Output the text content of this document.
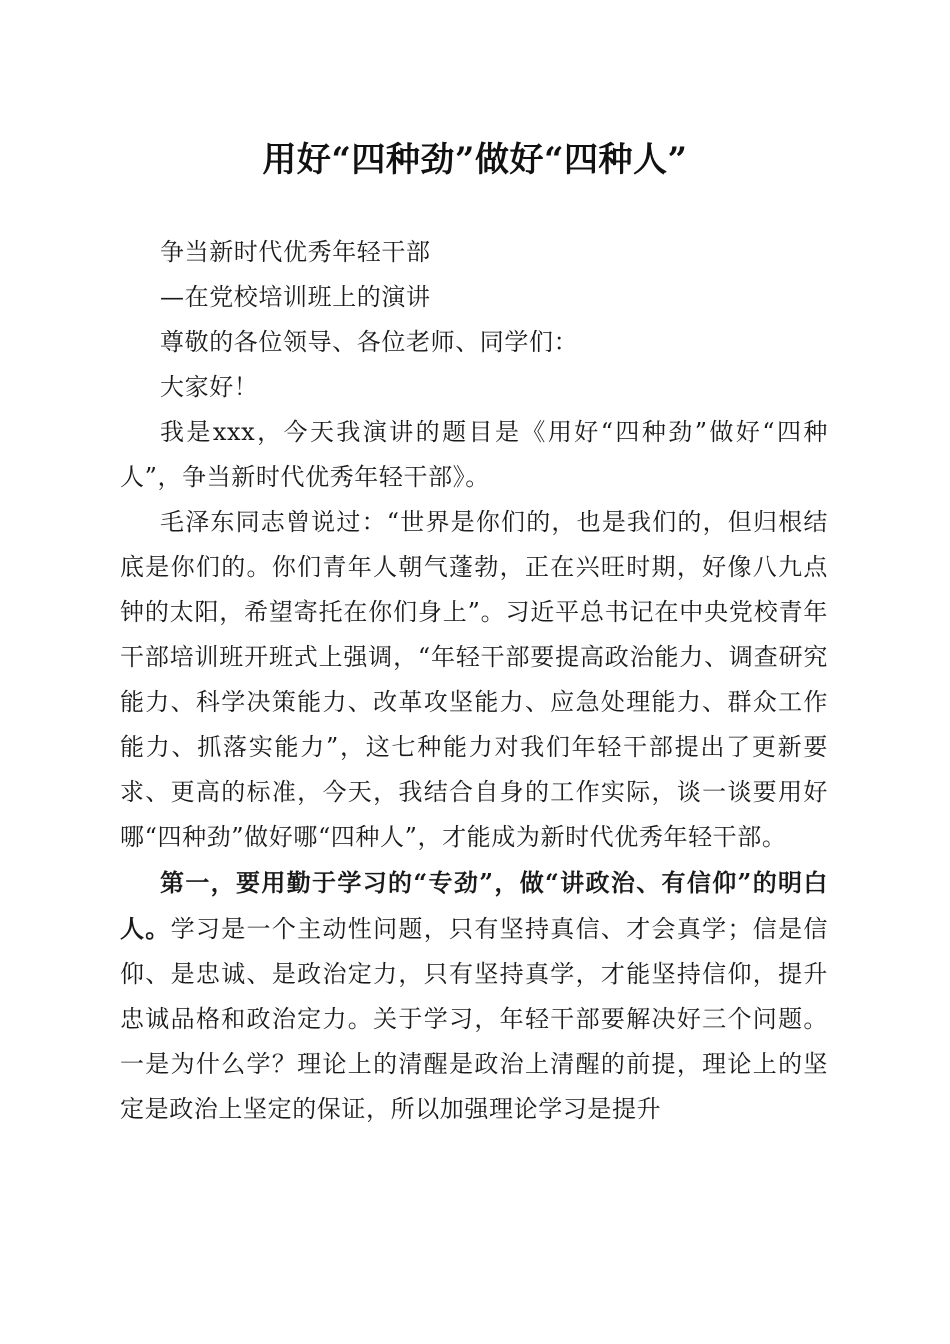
用好“四种劲”做好“四种人”

争当新时代优秀年轻干部

—在党校培训班上的演讲

尊敬的各位领导、各位老师、同学们：

大家好！

我是xxx，今天我演讲的题目是《用好“四种劲”做好“四种人”，争当新时代优秀年轻干部》。

毛泽东同志曾说过：“世界是你们的，也是我们的，但归根结底是你们的。你们青年人朝气蓬勃，正在兴旺时期，好像八九点钟的太阳，希望寄托在你们身上”。习近平总书记在中央党校青年干部培训班开班式上强调，“年轻干部要提高政治能力、调查研究能力、科学决策能力、改革攻坚能力、应急处理能力、群众工作能力、抓落实能力”，这七种能力对我们年轻干部提出了更新要求、更高的标准，今天，我结合自身的工作实际，谈一谈要用好哪“四种劲”做好哪“四种人”，才能成为新时代优秀年轻干部。

第一，要用勤于学习的“专劲”，做“讲政治、有信仰”的明白人。学习是一个主动性问题，只有坚持真信、才会真学；信是信仰、是忠诚、是政治定力，只有坚持真学，才能坚持信仰，提升忠诚品格和政治定力。关于学习，年轻干部要解决好三个问题。一是为什么学？理论上的清醒是政治上清醒的前提，理论上的坚定是政治上坚定的保证，所以加强理论学习是提升
